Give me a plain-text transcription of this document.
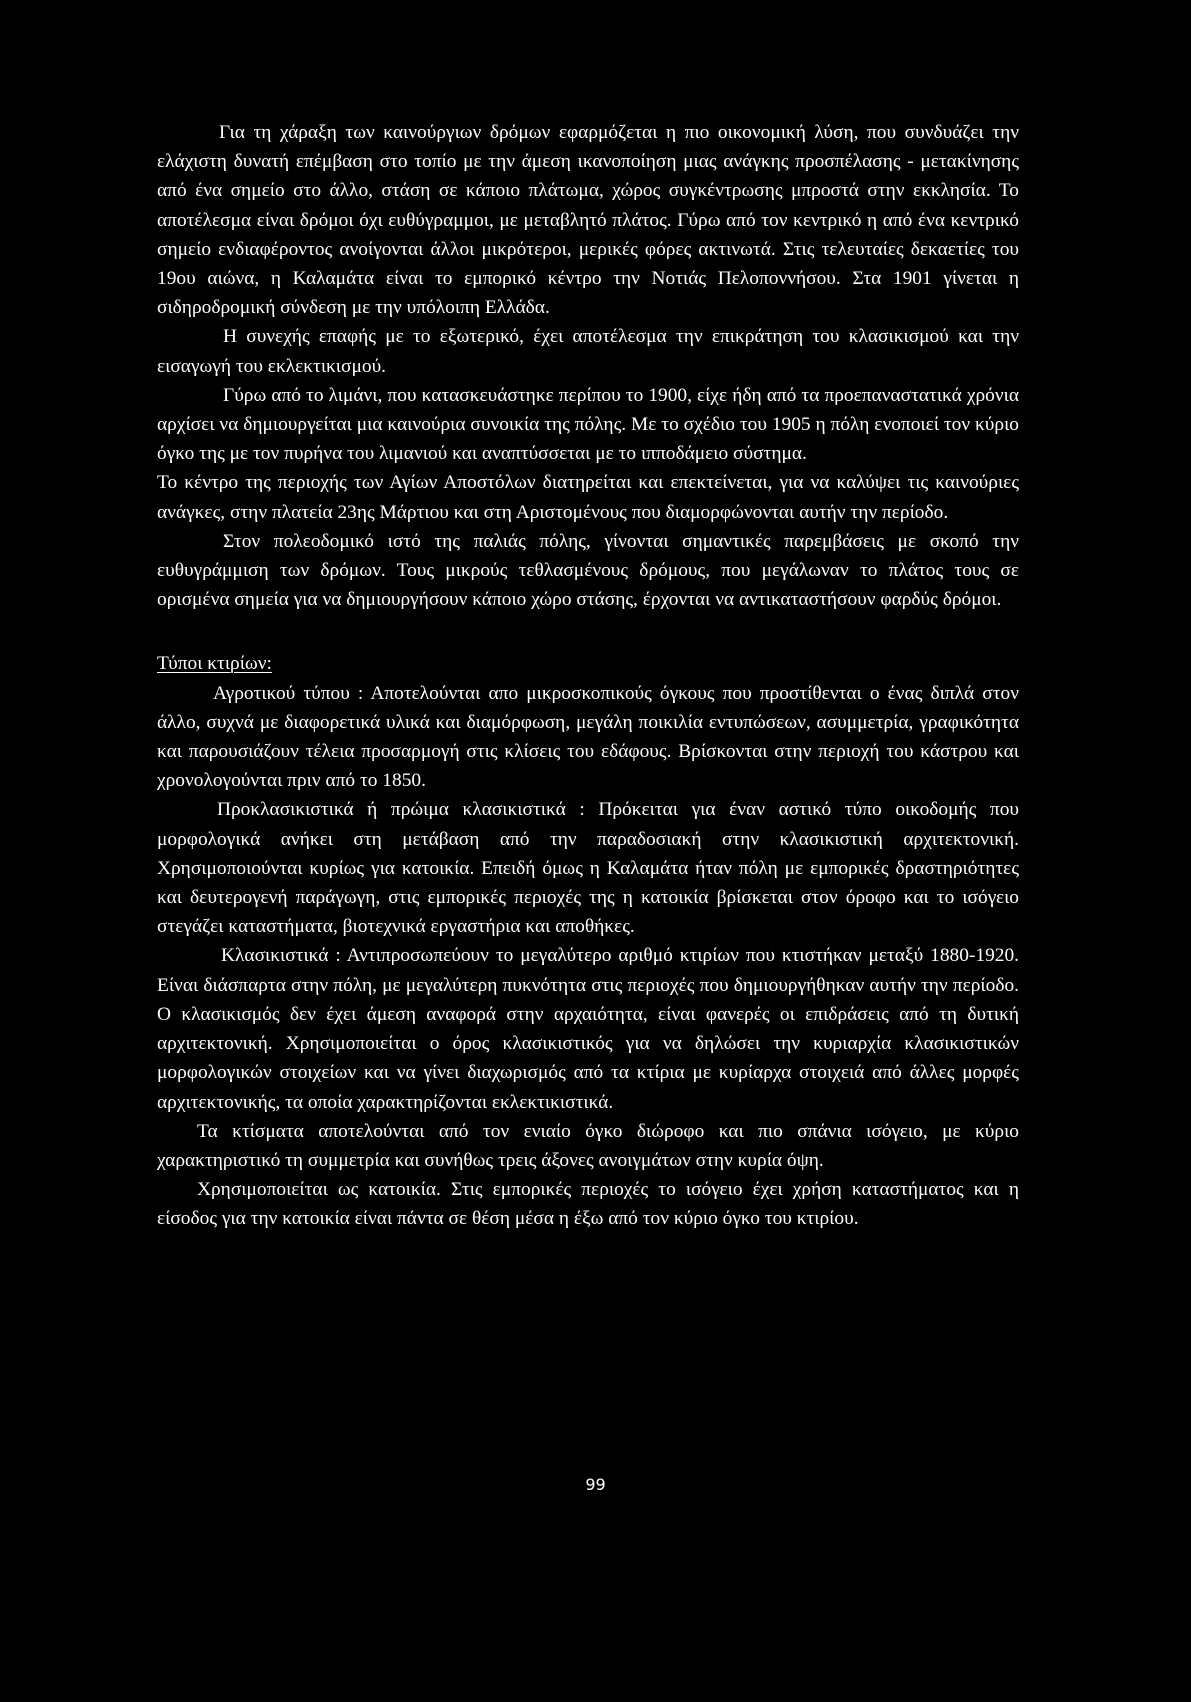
Για τη χάραξη των καινούργιων δρόμων εφαρμόζεται η πιο οικονομική λύση, που συνδυάζει την ελάχιστη δυνατή επέμβαση στο τοπίο με την άμεση ικανοποίηση μιας ανάγκης προσπέλασης - μετακίνησης από ένα σημείο στο άλλο, στάση σε κάποιο πλάτωμα, χώρος συγκέντρωσης μπροστά στην εκκλησία. Το αποτέλεσμα είναι δρόμοι όχι ευθύγραμμοι, με μεταβλητό πλάτος. Γύρω από τον κεντρικό η από ένα κεντρικό σημείο ενδιαφέροντος ανοίγονται άλλοι μικρότεροι, μερικές φόρες ακτινωτά. Στις τελευταίες δεκαετίες του 19ου αιώνα, η Καλαμάτα είναι το εμπορικό κέντρο την Νοτιάς Πελοποννήσου. Στα 1901 γίνεται η σιδηροδρομική σύνδεση με την υπόλοιπη Ελλάδα.

Η συνεχής επαφής με το εξωτερικό, έχει αποτέλεσμα την επικράτηση του κλασικισμού και την εισαγωγή του εκλεκτικισμού.

Γύρω από το λιμάνι, που κατασκευάστηκε περίπου το 1900, είχε ήδη από τα προεπαναστατικά χρόνια αρχίσει να δημιουργείται μια καινούρια συνοικία της πόλης. Με το σχέδιο του 1905 η πόλη ενοποιεί τον κύριο όγκο της με τον πυρήνα του λιμανιού και αναπτύσσεται με το ιπποδάμειο σύστημα.

Το κέντρο της περιοχής των Αγίων Αποστόλων διατηρείται και επεκτείνεται, για να καλύψει τις καινούριες ανάγκες, στην πλατεία 23ης Μάρτιου και στη Αριστομένους που διαμορφώνονται αυτήν την περίοδο.

Στον πολεοδομικό ιστό της παλιάς πόλης, γίνονται σημαντικές παρεμβάσεις με σκοπό την ευθυγράμμιση των δρόμων. Τους μικρούς τεθλασμένους δρόμους, που μεγάλωναν το πλάτος τους σε ορισμένα σημεία για να δημιουργήσουν κάποιο χώρο στάσης, έρχονται να αντικαταστήσουν φαρδύς δρόμοι.

Τύποι κτιρίων:

Αγροτικού τύπου : Αποτελούνται απο μικροσκοπικούς όγκους που προστίθενται ο ένας διπλά στον άλλο, συχνά με διαφορετικά υλικά και διαμόρφωση, μεγάλη ποικιλία εντυπώσεων, ασυμμετρία, γραφικότητα και παρουσιάζουν τέλεια προσαρμογή στις κλίσεις του εδάφους. Βρίσκονται στην περιοχή του κάστρου και χρονολογούνται πριν από το 1850.

Προκλασικιστικά ή πρώιμα κλασικιστικά : Πρόκειται για έναν αστικό τύπο οικοδομής που μορφολογικά ανήκει στη μετάβαση από την παραδοσιακή στην κλασικιστική αρχιτεκτονική. Χρησιμοποιούνται κυρίως για κατοικία. Επειδή όμως η Καλαμάτα ήταν πόλη με εμπορικές δραστηριότητες και δευτερογενή παράγωγη, στις εμπορικές περιοχές της η κατοικία βρίσκεται στον όροφο και το ισόγειο στεγάζει καταστήματα, βιοτεχνικά εργαστήρια και αποθήκες.

Κλασικιστικά : Αντιπροσωπεύουν το μεγαλύτερο αριθμό κτιρίων που κτιστήκαν μεταξύ 1880-1920. Είναι διάσπαρτα στην πόλη, με μεγαλύτερη πυκνότητα στις περιοχές που δημιουργήθηκαν αυτήν την περίοδο. Ο κλασικισμός δεν έχει άμεση αναφορά στην αρχαιότητα, είναι φανερές οι επιδράσεις από τη δυτική αρχιτεκτονική. Χρησιμοποιείται ο όρος κλασικιστικός για να δηλώσει την κυριαρχία κλασικιστικών μορφολογικών στοιχείων και να γίνει διαχωρισμός από τα κτίρια με κυρίαρχα στοιχειά από άλλες μορφές αρχιτεκτονικής, τα οποία χαρακτηρίζονται εκλεκτικιστικά.

Τα κτίσματα αποτελούνται από τον ενιαίο όγκο διώροφο και πιο σπάνια ισόγειο, με κύριο χαρακτηριστικό τη συμμετρία και συνήθως τρεις άξονες ανοιγμάτων στην κυρία όψη.

Χρησιμοποιείται ως κατοικία. Στις εμπορικές περιοχές το ισόγειο έχει χρήση καταστήματος και η είσοδος για την κατοικία είναι πάντα σε θέση μέσα η έξω από τον κύριο όγκο του κτιρίου.

99
